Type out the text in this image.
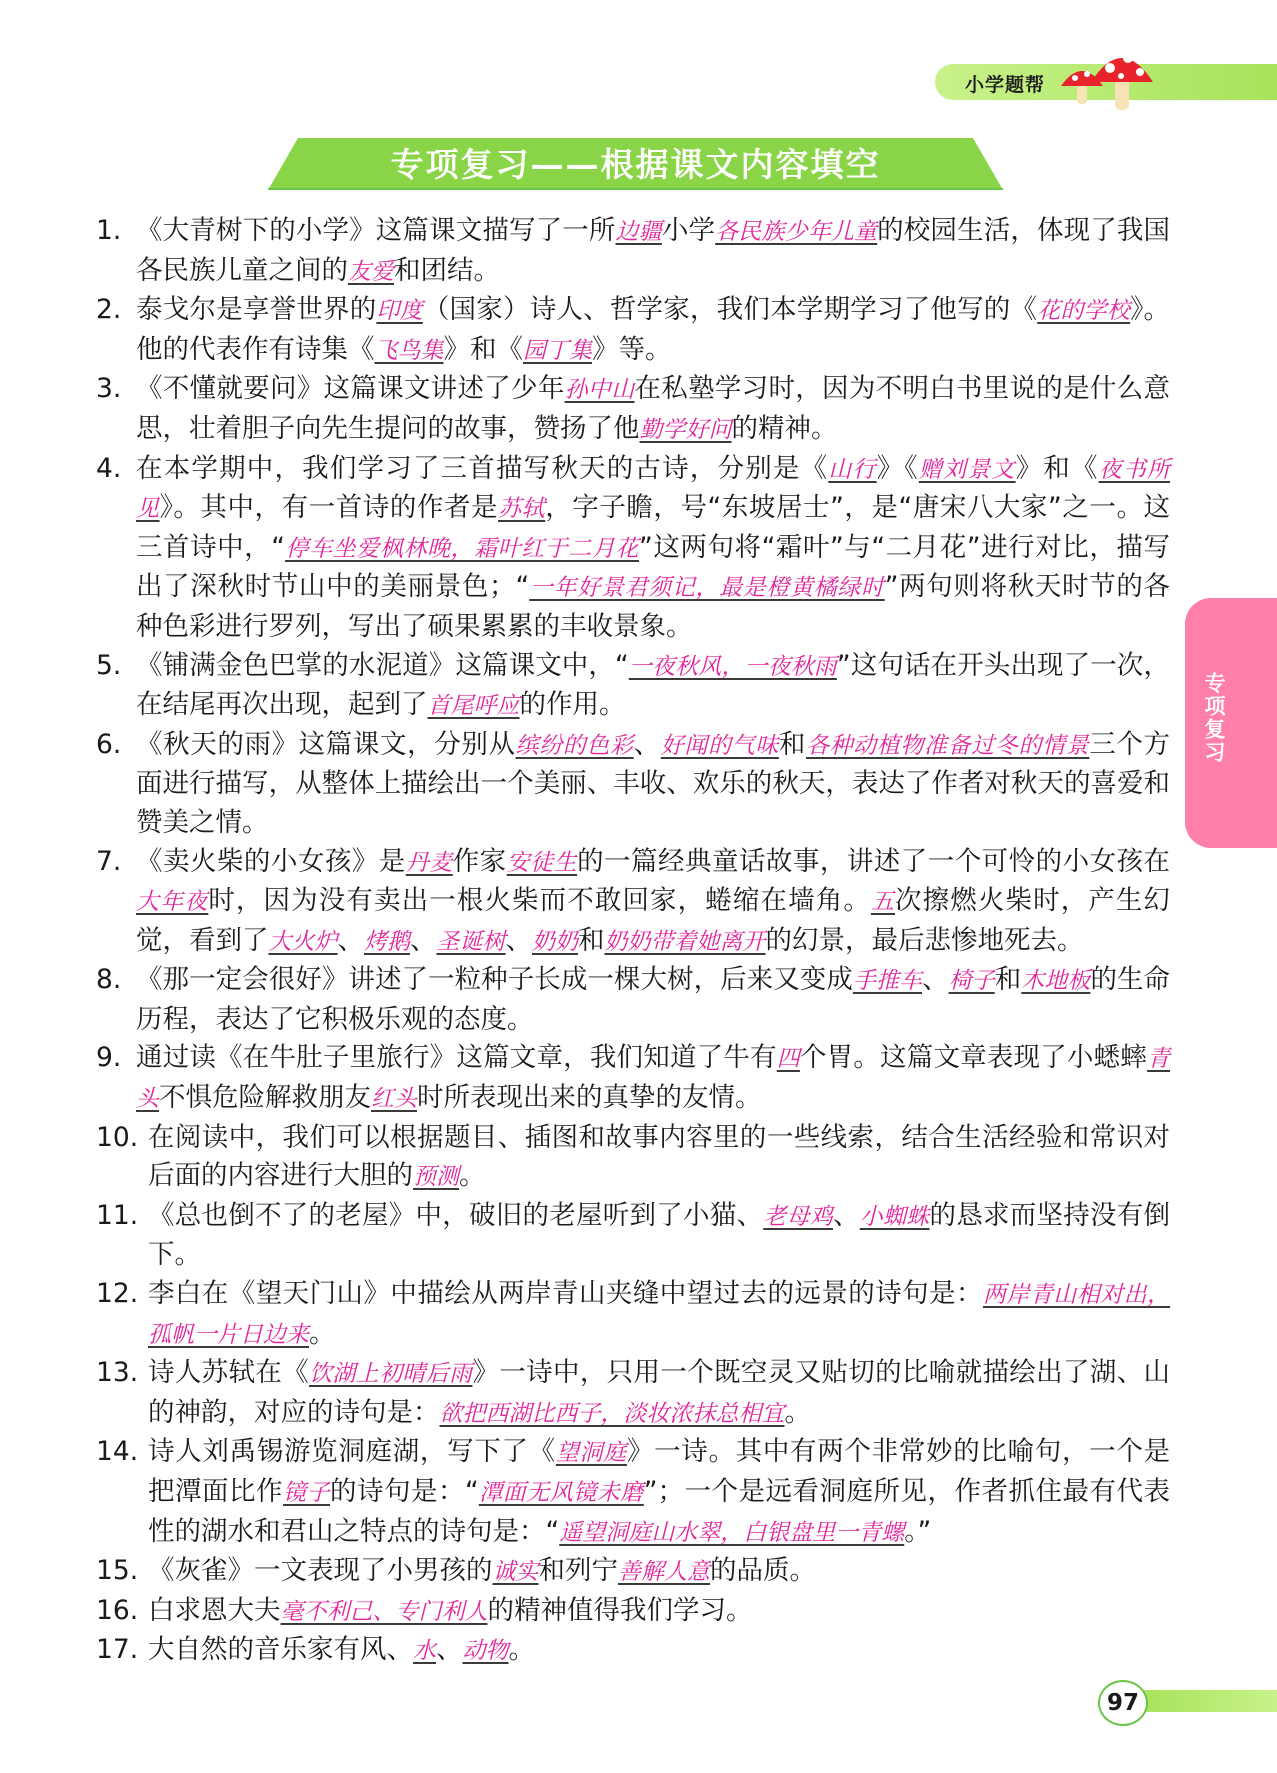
小学题帮
专项复习——根据课文内容填空
专项复习
1. 《大青树下的小学》这篇课文描写了一所边疆小学各民族少年儿童的校园生活，体现了我国各民族儿童之间的友爱和团结。
2. 泰戈尔是享誉世界的印度（国家）诗人、哲学家，我们本学期学习了他写的《花的学校》。他的代表作有诗集《飞鸟集》和《园丁集》等。
3. 《不懂就要问》这篇课文讲述了少年孙中山在私塾学习时，因为不明白书里说的是什么意思，壮着胆子向先生提问的故事，赞扬了他勤学好问的精神。
4. 在本学期中，我们学习了三首描写秋天的古诗，分别是《山行》《赠刘景文》和《夜书所见》。其中，有一首诗的作者是苏轼，字子瞻，号“东坡居士”，是“唐宋八大家”之一。这三首诗中，“停车坐爱枫林晚，霜叶红于二月花”这两句将“霜叶”与“二月花”进行对比，描写出了深秋时节山中的美丽景色；“一年好景君须记，最是橙黄橘绿时”两句则将秋天时节的各种色彩进行罗列，写出了硕果累累的丰收景象。
5. 《铺满金色巴掌的水泥道》这篇课文中，“一夜秋风，一夜秋雨”这句话在开头出现了一次，在结尾再次出现，起到了首尾呼应的作用。
6. 《秋天的雨》这篇课文，分别从缤纷的色彩、好闻的气味和各种动植物准备过冬的情景三个方面进行描写，从整体上描绘出一个美丽、丰收、欢乐的秋天，表达了作者对秋天的喜爱和赞美之情。
7. 《卖火柴的小女孩》是丹麦作家安徒生的一篇经典童话故事，讲述了一个可怜的小女孩在大年夜时，因为没有卖出一根火柴而不敢回家，蜷缩在墙角。五次擦燃火柴时，产生幻觉，看到了大火炉、烤鹅、圣诞树、奶奶和奶奶带着她离开的幻景，最后悲惨地死去。
8. 《那一定会很好》讲述了一粒种子长成一棵大树，后来又变成手推车、椅子和木地板的生命历程，表达了它积极乐观的态度。
9. 通过读《在牛肚子里旅行》这篇文章，我们知道了牛有四个胃。这篇文章表现了小蟋蟀青头不惧危险解救朋友红头时所表现出来的真挚的友情。
10. 在阅读中，我们可以根据题目、插图和故事内容里的一些线索，结合生活经验和常识对后面的内容进行大胆的预测。
11. 《总也倒不了的老屋》中，破旧的老屋听到了小猫、老母鸡、小蜘蛛的恳求而坚持没有倒下。
12. 李白在《望天门山》中描绘从两岸青山夹缝中望过去的远景的诗句是：两岸青山相对出，孤帆一片日边来。
13. 诗人苏轼在《饮湖上初晴后雨》一诗中，只用一个既空灵又贴切的比喻就描绘出了湖、山的神韵，对应的诗句是：欲把西湖比西子，淡妆浓抹总相宜。
14. 诗人刘禹锡游览洞庭湖，写下了《望洞庭》一诗。其中有两个非常妙的比喻句，一个是把潭面比作镜子的诗句是：“潭面无风镜未磨”；一个是远看洞庭所见，作者抓住最有代表性的湖水和君山之特点的诗句是：“遥望洞庭山水翠，白银盘里一青螺。”
15. 《灰雀》一文表现了小男孩的诚实和列宁善解人意的品质。
16. 白求恩大夫毫不利己、专门利人的精神值得我们学习。
17. 大自然的音乐家有风、水、动物。
97
